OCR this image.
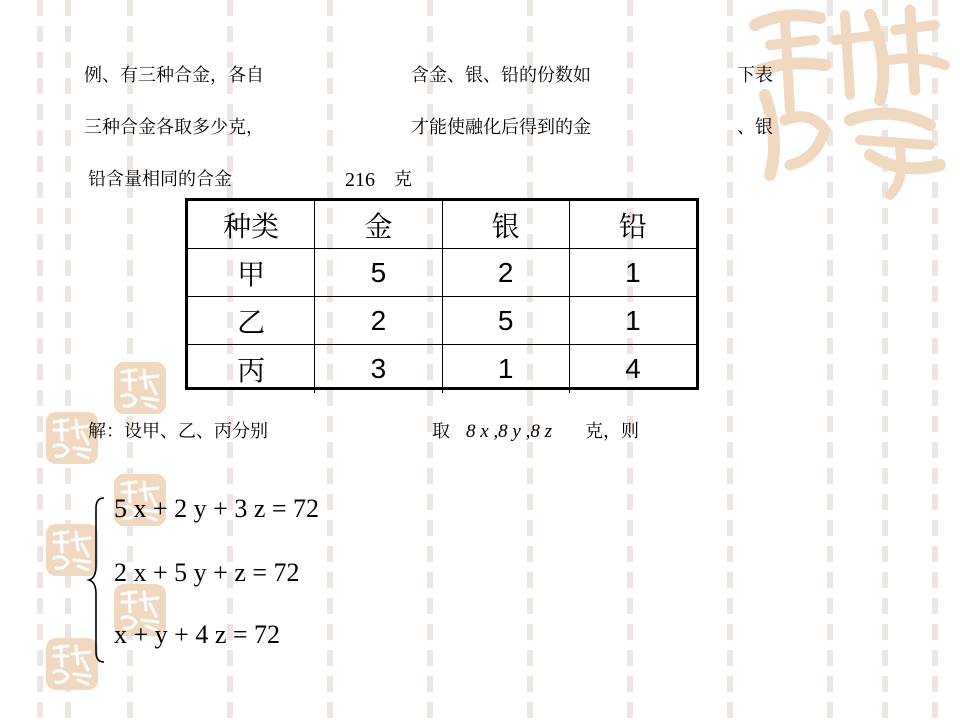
例、有三种合金，各自	含金、银、铅的份数如	下表
三种合金各取多少克，	才能使融化后得到的金	、银
铅含量相同的合金	216 克
种类	金	银	铅
甲	5	2	1
乙	2	5	1
丙	3	1	4
解：设甲、乙、丙分别	取 8 x ,8 y ,8 z 克，则
5 x + 2 y + 3 z = 72
2 x + 5 y + z = 72
x + y + 4 z = 72
